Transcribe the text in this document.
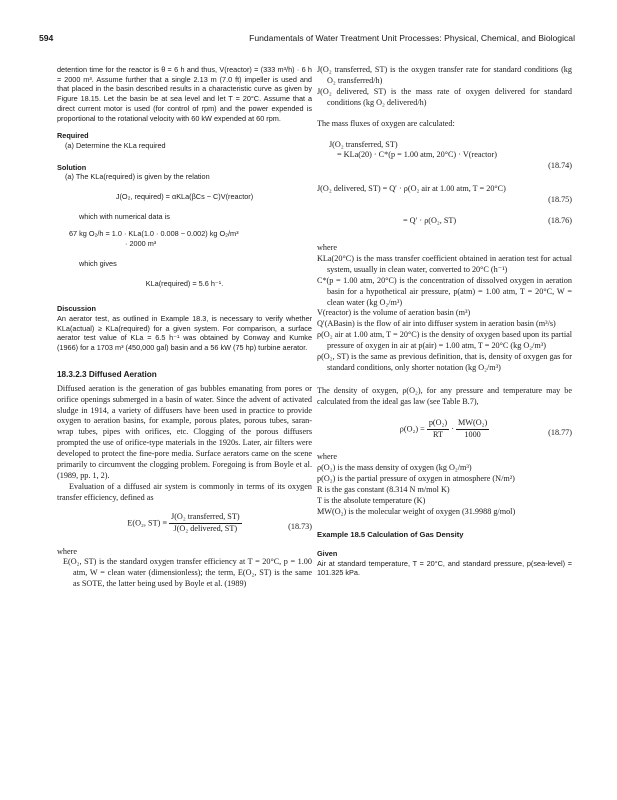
594	Fundamentals of Water Treatment Unit Processes: Physical, Chemical, and Biological

detention time for the reactor is θ = 6 h and thus, V(reactor) = (333 m³/h) · 6 h = 2000 m³. Assume further that a single 2.13 m (7.0 ft) impeller is used and that placed in the basin described results in a characteristic curve as given by Figure 18.15. Let the basin be at sea level and let T = 20°C. Assume that a direct current motor is used (for control of rpm) and the power expended is proportional to the rotational velocity with 60 kW expended at 60 rpm.

Required
(a) Determine the KLa required
Solution
(a) The KLa(required) is given by the relation
J(O₂, required) = αKLa(βCs − C)V(reactor)
which with numerical data is
67 kg O₂/h = 1.0 · KLa(1.0 · 0.008 − 0.002) kg O₂/m³
· 2000 m³
which gives
KLa(required) = 5.6 h⁻¹.
Discussion

An aerator test, as outlined in Example 18.3, is necessary to verify whether KLa(actual) ≥ KLa(required) for a given system. For comparison, a surface aerator test value of KLa = 6.5 h⁻¹ was obtained by Conway and Kumke (1966) for a 1703 m³ (450,000 gal) basin and a 56 kW (75 hp) turbine aerator.

18.3.2.3 Diffused Aeration

Diffused aeration is the generation of gas bubbles emanating from pores or orifice openings submerged in a basin of water. Since the advent of activated sludge in 1914, a variety of diffusers have been used in practice to provide oxygen to aeration basins, for example, porous plates, porous tubes, saran-wrap tubes, pipes with orifices, etc. Clogging of the porous diffusers prompted the use of orifice-type materials in the 1920s. Later, air filters were developed to protect the fine-pore media. Surface aerators came on the scene primarily to circumvent the clogging problem. Foregoing is from Boyle et al. (1989, pp. 1, 2).

Evaluation of a diffused air system is commonly in terms of its oxygen transfer efficiency, defined as

E(O₂, $ST) \equiv \frac{\text{J(O₂ transferred, ST)}}{\text{J(O₂ delivered, ST)}}$	(18.73)
where

E(O₂, ST) is the standard oxygen transfer efficiency at T = 20°C, p = 1.00 atm, W = clean water (dimensionless); the term, E(O₂, ST) is the same as SOTE, the latter being used by Boyle et al. (1989)

J(O₂ transferred, ST) is the oxygen transfer rate for standard conditions (kg O₂ transferred/h)

J(O₂ delivered, ST) is the mass rate of oxygen delivered for standard conditions (kg O₂ delivered/h)

The mass fluxes of oxygen are calculated:
J(O₂ transferred, ST)
= KLa(20) · C*(p = 1.00 atm, 20°C) · V(reactor)
(18.74)
J(O₂ delivered, ST) = Q′ · ρ(O₂ air at 1.00 atm, T = 20°C)
(18.75)
= Q′ · ρ(O₂, ST)	(18.76)
where

KLa(20°C) is the mass transfer coefficient obtained in aeration test for actual system, usually in clean water, converted to 20°C (h⁻¹)

C*(p = 1.00 atm, 20°C) is the concentration of dissolved oxygen in aeration basin for a hypothetical air pressure, p(atm) = 1.00 atm, T = 20°C, W = clean water (kg O₂/m³)

V(reactor) is the volume of aeration basin (m³)

Q′(ABasin) is the flow of air into diffuser system in aeration basin (m³/s)

ρ(O₂ air at 1.00 atm, T = 20°C) is the density of oxygen based upon its partial pressure of oxygen in air at p(air) = 1.00 atm, T = 20°C (kg O₂/m³)

ρ(O₂, ST) is the same as previous definition, that is, density of oxygen gas for standard conditions, only shorter notation (kg O₂/m³)

The density of oxygen, ρ(O₂), for any pressure and temperature may be calculated from the ideal gas law (see Table B.7),

$\rho(O_2) = \frac{\text{p(O₂)}}{RT} \cdot \frac{\text{MW(O₂)}}{1000}$	(18.77)
where

ρ(O₂) is the mass density of oxygen (kg O₂/m³)

p(O₂) is the partial pressure of oxygen in atmosphere (N/m²)

R is the gas constant (8.314 N m/mol K)

T is the absolute temperature (K)

MW(O₂) is the molecular weight of oxygen (31.9988 g/mol)

Example 18.5 Calculation of Gas Density
Given

Air at standard temperature, T = 20°C, and standard pressure, p(sea-level) = 101.325 kPa.
